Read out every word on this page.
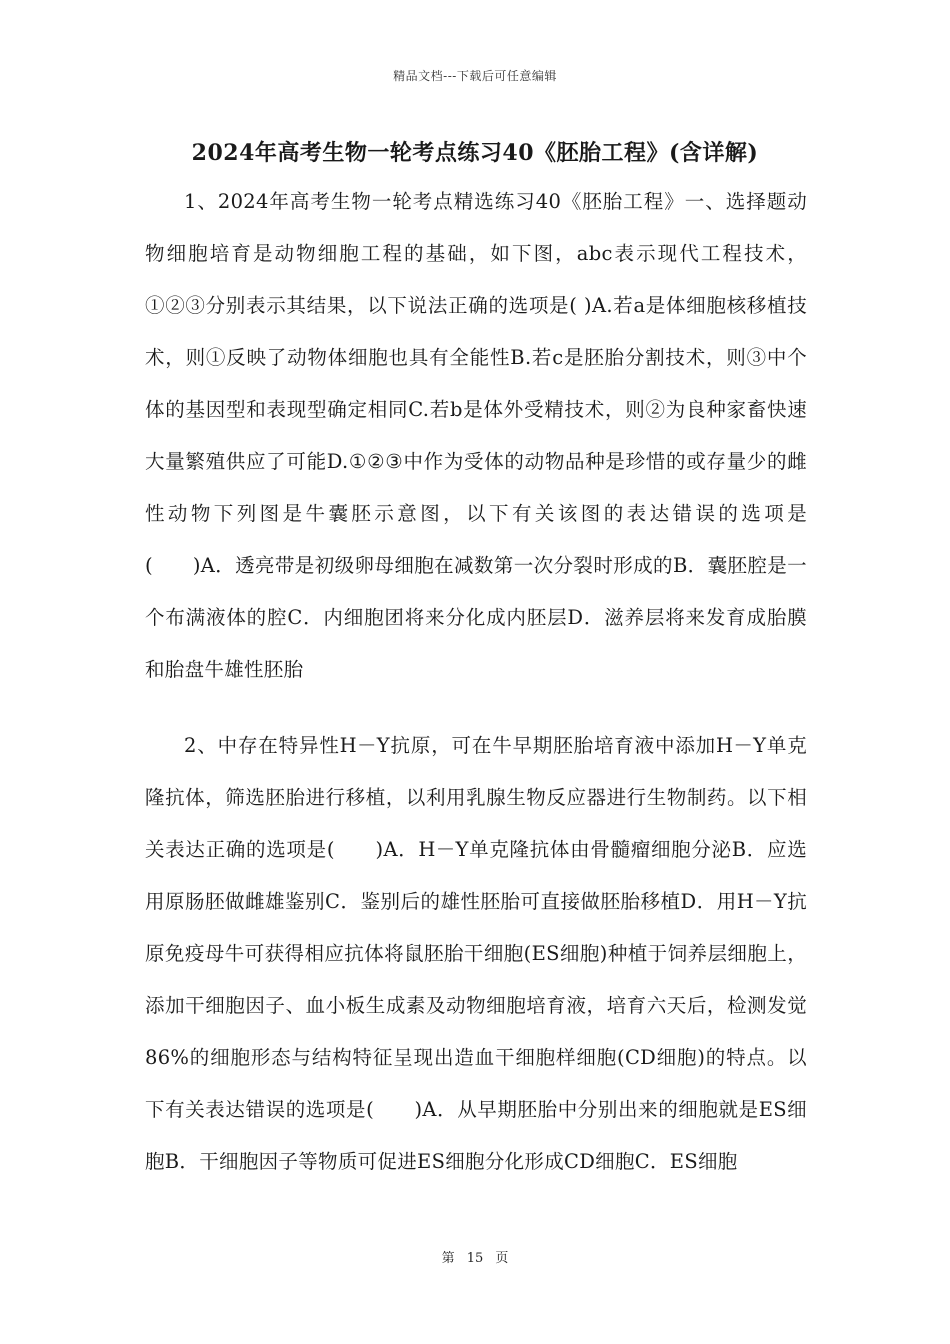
精品文档---下载后可任意编辑
2024年高考生物一轮考点练习40《胚胎工程》(含详解)

1、2024年高考生物一轮考点精选练习40《胚胎工程》一、选择题动物细胞培育是动物细胞工程的基础，如下图，abc表示现代工程技术，①②③分别表示其结果，以下说法正确的选项是( )A.若a是体细胞核移植技术，则①反映了动物体细胞也具有全能性B.若c是胚胎分割技术，则③中个体的基因型和表现型确定相同C.若b是体外受精技术，则②为良种家畜快速大量繁殖供应了可能D.①②③中作为受体的动物品种是珍惜的或存量少的雌性动物下列图是牛囊胚示意图，以下有关该图的表达错误的选项是(　　)A．透亮带是初级卵母细胞在减数第一次分裂时形成的B．囊胚腔是一个布满液体的腔C．内细胞团将来分化成内胚层D．滋养层将来发育成胎膜和胎盘牛雄性胚胎

2、中存在特异性H－Y抗原，可在牛早期胚胎培育液中添加H－Y单克隆抗体，筛选胚胎进行移植，以利用乳腺生物反应器进行生物制药。以下相关表达正确的选项是(　　)A．H－Y单克隆抗体由骨髓瘤细胞分泌B．应选用原肠胚做雌雄鉴别C．鉴别后的雄性胚胎可直接做胚胎移植D．用H－Y抗原免疫母牛可获得相应抗体将鼠胚胎干细胞(ES细胞)种植于饲养层细胞上，添加干细胞因子、血小板生成素及动物细胞培育液，培育六天后，检测发觉86%的细胞形态与结构特征呈现出造血干细胞样细胞(CD细胞)的特点。以下有关表达错误的选项是(　　)A．从早期胚胎中分别出来的细胞就是ES细胞B．干细胞因子等物质可促进ES细胞分化形成CD细胞C．ES细胞

第 15 页
